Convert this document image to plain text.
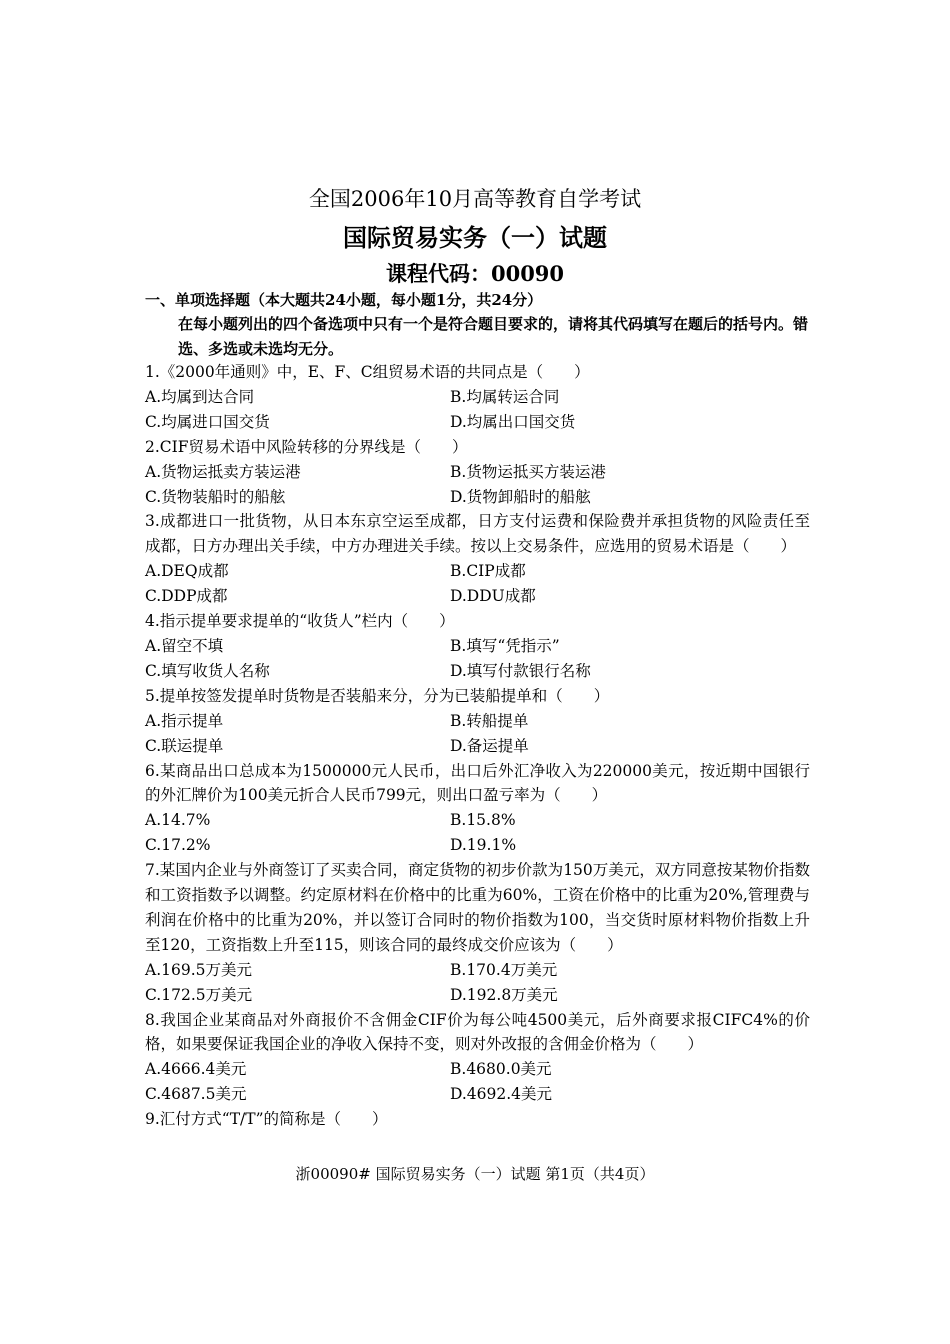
全国2006年10月高等教育自学考试
国际贸易实务（一）试题
课程代码：00090
一、单项选择题（本大题共24小题，每小题1分，共24分）
在每小题列出的四个备选项中只有一个是符合题目要求的，请将其代码填写在题后的括号内。错选、多选或未选均无分。
1.《2000年通则》中，E、F、C组贸易术语的共同点是（　　）
A.均属到达合同	B.均属转运合同
C.均属进口国交货	D.均属出口国交货
2.CIF贸易术语中风险转移的分界线是（　　）
A.货物运抵卖方装运港	B.货物运抵买方装运港
C.货物装船时的船舷	D.货物卸船时的船舷
3.成都进口一批货物，从日本东京空运至成都，日方支付运费和保险费并承担货物的风险责任至成都，日方办理出关手续，中方办理进关手续。按以上交易条件，应选用的贸易术语是（　　）
A.DEQ成都	B.CIP成都
C.DDP成都	D.DDU成都
4.指示提单要求提单的“收货人”栏内（　　）
A.留空不填	B.填写“凭指示”
C.填写收货人名称	D.填写付款银行名称
5.提单按签发提单时货物是否装船来分，分为已装船提单和（　　）
A.指示提单	B.转船提单
C.联运提单	D.备运提单
6.某商品出口总成本为1500000元人民币，出口后外汇净收入为220000美元，按近期中国银行的外汇牌价为100美元折合人民币799元，则出口盈亏率为（　　）
A.14.7%	B.15.8%
C.17.2%	D.19.1%
7.某国内企业与外商签订了买卖合同，商定货物的初步价款为150万美元，双方同意按某物价指数和工资指数予以调整。约定原材料在价格中的比重为60%，工资在价格中的比重为20%,管理费与利润在价格中的比重为20%，并以签订合同时的物价指数为100，当交货时原材料物价指数上升至120，工资指数上升至115，则该合同的最终成交价应该为（　　）
A.169.5万美元	B.170.4万美元
C.172.5万美元	D.192.8万美元
8.我国企业某商品对外商报价不含佣金CIF价为每公吨4500美元，后外商要求报CIFC4%的价格，如果要保证我国企业的净收入保持不变，则对外改报的含佣金价格为（　　）
A.4666.4美元	B.4680.0美元
C.4687.5美元	D.4692.4美元
9.汇付方式“T/T”的简称是（　　）
浙00090# 国际贸易实务（一）试题 第1页（共4页）
